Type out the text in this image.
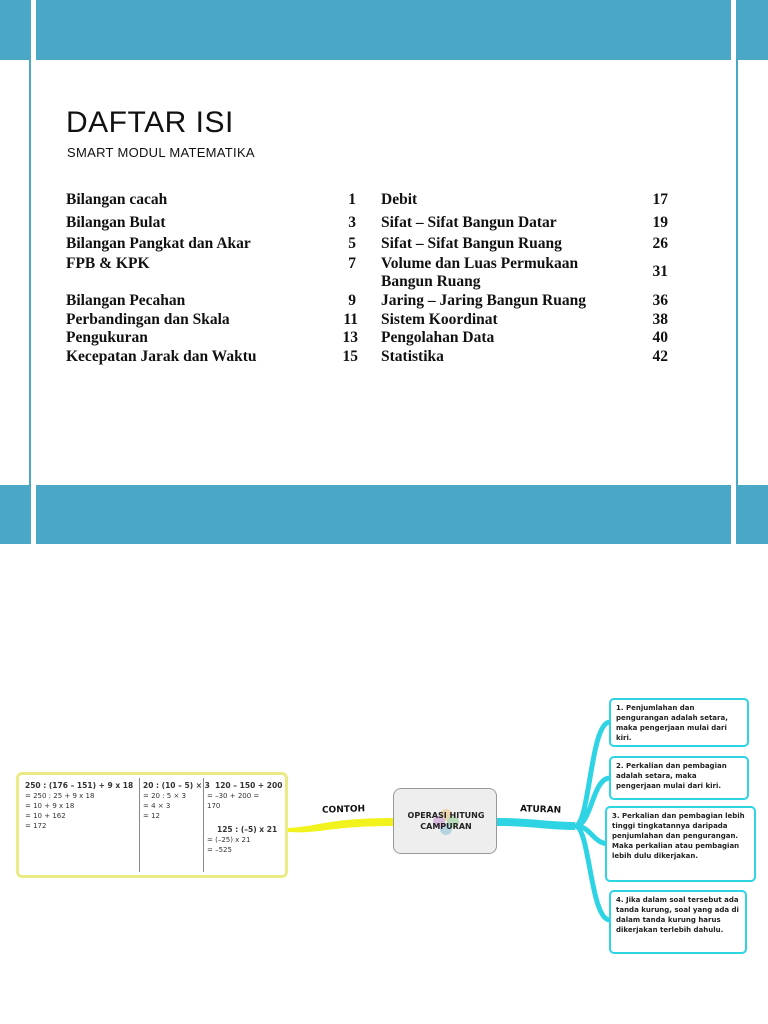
DAFTAR ISI
SMART MODUL MATEMATIKA
Bilangan cacah	1
Bilangan Bulat	3
Bilangan Pangkat dan Akar	5
FPB & KPK	7
Bilangan Pecahan	9
Perbandingan dan Skala	11
Pengukuran	13
Kecepatan Jarak dan Waktu	15
Debit	17
Sifat – Sifat Bangun Datar	19
Sifat – Sifat Bangun Ruang	26
Volume dan Luas Permukaan
Bangun Ruang
31
Jaring – Jaring Bangun Ruang	36
Sistem Koordinat	38
Pengolahan Data	40
Statistika	42
CONTOH	ATURAN
OPERASI HITUNG
CAMPURAN
250 : (176 – 151) + 9 x 18
= 250 : 25 + 9 x 18
= 10 + 9 x 18
= 10 + 162
= 172
20 : (10 – 5) × 3
= 20 : 5 × 3
= 4 × 3
= 12
120 – 150 + 200
= –30 + 200 =
170
125 : (–5) x 21
= (–25) x 21
= –525
1. Penjumlahan dan pengurangan adalah setara, maka pengerjaan mulai dari kiri.
2. Perkalian dan pembagian adalah setara, maka pengerjaan mulai dari kiri.
3. Perkalian dan pembagian lebih tinggi tingkatannya daripada penjumlahan dan pengurangan. Maka perkalian atau pembagian lebih dulu dikerjakan.
4. Jika dalam soal tersebut ada tanda kurung, soal yang ada di dalam tanda kurung harus dikerjakan terlebih dahulu.
